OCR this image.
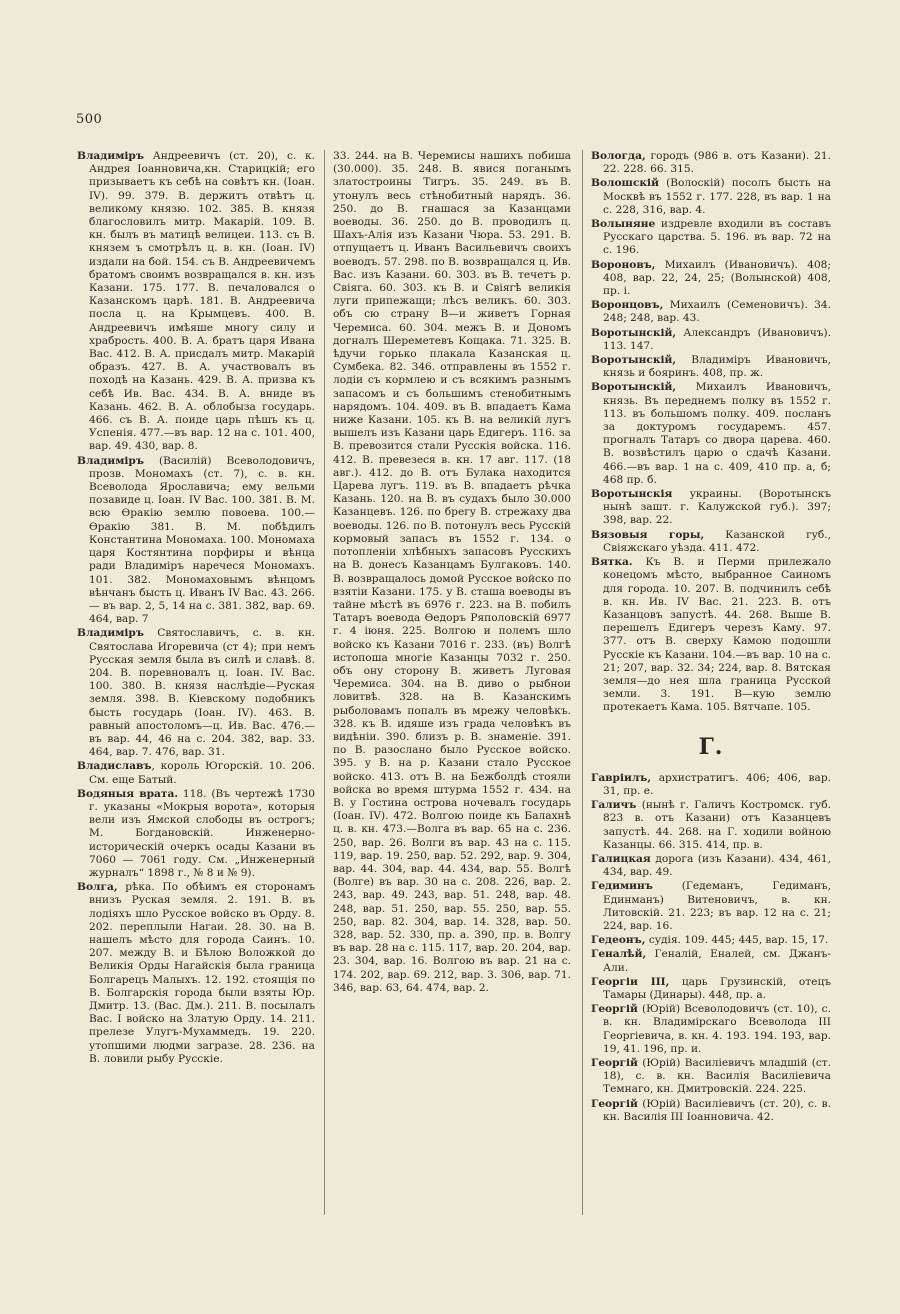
500
Владиміръ Андреевичъ (ст. 20), с. к. Андрея Іоанновича,кн. Старицкій; его призываетъ къ себѣ на совѣтъ кн. (Іоан. IV). 99. 379. В. держитъ отвѣтъ ц. великому князю. 102. 385. В. князя благословилъ митр. Макарій. 109. В. кн. былъ въ матицѣ велицеи. 113. съ В. князем ъ смотрѣлъ ц. в. кн. (Іоан. IV) издали на бой. 154. съ В. Андреевичемъ братомъ своимъ возвращался в. кн. изъ Казани. 175. 177. В. печаловался о Казанскомъ царѣ. 181. В. Андреевича посла ц. на Крымцевъ. 400. В. Андреевичъ имѣяше многу силу и храбрость. 400. В. А. братъ царя Ивана Вас. 412. В. А. присдалъ митр. Макарій образъ. 427. В. А. участвовалъ въ походѣ на Казань. 429. В. А. призва къ себѣ Ив. Вас. 434. В. А. вниде въ Казань. 462. В. А. облобыза государь. 466. съ В. А. поиде царь пѣшъ къ ц. Успенія. 477.—въ вар. 12 на с. 101. 400, вар. 49. 430, вар. 8.
Владиміръ (Василій) Всеволодовичъ, прозв. Мономахъ (ст. 7), с. в. кн. Всеволода Ярославича; ему вельми позавиде ц. Іоан. IV Вас. 100. 381. В. М. всю Ѳракію землю повоева. 100.—Ѳракію 381. В. М. побѣдилъ Константина Мономаха. 100. Мономаха царя Костянтина порфиры и вѣнца ради Владиміръ наречеся Мономахъ. 101. 382. Мономаховымъ вѣнцомъ вѣнчанъ бысть ц. Иванъ IV Вас. 43. 266. — въ вар. 2, 5, 14 на с. 381. 382, вар. 69. 464, вар. 7
Владиміръ Святославичъ, с. в. кн. Святослава Игоревича (ст 4); при немъ Русская земля была въ силѣ и славѣ. 8. 204. В. поревновалъ ц. Іоан. IV. Вас. 100. 380. В. князя наслѣдіе—Руская земля. 398. В. Кіевскому подобникъ бысть государь (Іоан. IV). 463. В. равный апостоломъ—ц. Ив. Вас. 476.—въ вар. 44, 46 на с. 204. 382, вар. 33. 464, вар. 7. 476, вар. 31.
Владиславъ, король Югорскій. 10. 206. См. еще Батый.
Водяныя врата. 118. (Въ чертежѣ 1730 г. указаны «Мокрыя ворота», которыя вели изъ Ямской слободы въ острогъ; М. Богдановскій. Инженерно-историческій очеркъ осады Казани въ 7060 — 7061 году. См. „Инженерный журналъ“ 1898 г., № 8 и № 9).
Волга, рѣка. По обѣимъ ея сторонамъ внизъ Руская земля. 2. 191. В. въ лодіяхъ шло Русское войско въ Орду. 8. 202. переплыли Нагаи. 28. 30. на В. нашелъ мѣсто для города Саинъ. 10. 207. между В. и Бѣлою Воложкой до Великія Орды Нагайскія была граница Болгарецъ Малыхъ. 12. 192. стоящія по В. Болгарскія города были взяты Юр. Дмитр. 13. (Вас. Дм.). 211. В. посылалъ Вас. I войско на Златую Орду. 14. 211. прелезе Улугъ-Мухаммедъ. 19. 220. утопшими людми загразе. 28. 236. на В. ловили рыбу Русскіе.
33. 244. на В. Черемисы нашихъ побиша (30.000). 35. 248. В. явися поганымъ златостроины Тигръ. 35. 249. въ В. утонулъ весь стѣнобитный нарядъ. 36. 250. до В. гнашася за Казанцами воеводы. 36. 250. до В. проводилъ ц. Шахъ-Алія изъ Казани Чюра. 53. 291. В. отпущаетъ ц. Иванъ Васильевичъ своихъ воеводъ. 57. 298. по В. возвращался ц. Ив. Вас. изъ Казани. 60. 303. въ В. течетъ р. Свіяга. 60. 303. къ В. и Свіягѣ великія луги припежащи; лѣсъ великъ. 60. 303. объ сю страну В—и живетъ Горная Черемиса. 60. 304. межъ В. и Дономъ догналъ Шереметевъ Кощака. 71. 325. В. ѣдучи горько плакала Казанская ц. Сумбека. 82. 346. отправлены въ 1552 г. лодіи съ кормлею и съ всякимъ разнымъ запасомъ и съ большимъ стенобитнымъ нарядомъ. 104. 409. въ В. впадаетъ Кама ниже Казани. 105. къ В. на великій лугъ вышелъ изъ Казани царь Едигеръ. 116. за В. превозится стали Русскія войска. 116. 412. В. превезеся в. кн. 17 авг. 117. (18 авг.). 412. до В. отъ Булака находится Царева лугъ. 119. въ В. впадаетъ рѣчка Казань. 120. на В. въ судахъ было 30.000 Казанцевъ. 126. по брегу В. стрежаху два воеводы. 126. по В. потонулъ весь Русскій кормовый запасъ въ 1552 г. 134. о потопленіи хлѣбныхъ запасовъ Русскихъ на В. донесъ Казанцамъ Булгаковъ. 140. В. возвращалось домой Русское войско по взятіи Казани. 175. у В. сташа воеводы въ тайне мѣстѣ въ 6976 г. 223. на В. побилъ Татаръ воевода Ѳедоръ Ряполовскій 6977 г. 4 іюня. 225. Волгою и полемъ шло войско къ Казани 7016 г. 233. (въ) Волгѣ истопоша многіе Казанцы 7032 г. 250. объ ону сторону В. живетъ Луговая Черемиса. 304. на В. диво о рыбнои ловитвѣ. 328. на В. Казанскимъ рыболовамъ попалъ въ мрежу человѣкъ. 328. къ В. идяше изъ града человѣкъ въ видѣніи. 390. близъ р. В. знаменіе. 391. по В. разослано было Русское войско. 395. у В. на р. Казани стало Русское войско. 413. отъ В. на Бежболдѣ стояли войска во время штурма 1552 г. 434. на В. у Гостина острова ночевалъ государь (Іоан. IV). 472. Волгою поиде къ Балахнѣ ц. в. кн. 473.—Волга въ вар. 65 на с. 236. 250, вар. 26. Волги въ вар. 43 на с. 115. 119, вар. 19. 250, вар. 52. 292, вар. 9. 304, вар. 44. 304, вар. 44. 434, вар. 55. Волгѣ (Волге) въ вар. 30 на с. 208. 226, вар. 2. 243, вар. 49. 243, вар. 51. 248, вар. 48. 248, вар. 51. 250, вар. 55. 250, вар. 55. 250, вар. 82. 304, вар. 14. 328, вар. 50. 328, вар. 52. 330, пр. а. 390, пр. в. Волгу въ вар. 28 на с. 115. 117, вар. 20. 204, вар. 23. 304, вар. 16. Волгою въ вар. 21 на с. 174. 202, вар. 69. 212, вар. 3. 306, вар. 71. 346, вар. 63, 64. 474, вар. 2.
Вологда, городъ (986 в. отъ Казани). 21. 22. 228. 66. 315.
Волошскій (Волоскій) посолъ бысть на Москвѣ въ 1552 г. 177. 228, въ вар. 1 на с. 228, 316, вар. 4.
Волыняне издревле входили въ составъ Русскаго царства. 5. 196. въ вар. 72 на с. 196.
Вороновъ, Михаилъ (Ивановичъ). 408; 408, вар. 22, 24, 25; (Волынской) 408, пр. і.
Воронцовъ, Михаилъ (Семеновичъ). 34. 248; 248, вар. 43.
Воротынскій, Александръ (Ивановичъ). 113. 147.
Воротынскій, Владиміръ Ивановичъ, князь и бояринъ. 408, пр. ж.
Воротынскій, Михаилъ Ивановичъ, князь. Въ переднемъ полку въ 1552 г. 113. въ большомъ полку. 409. посланъ за доктуромъ государемъ. 457. прогналъ Татаръ со двора царева. 460. В. возвѣстилъ царю о сдачѣ Казани. 466.—въ вар. 1 на с. 409, 410 пр. а, б; 468 пр. б.
Воротынскія украины. (Воротынскъ нынѣ зашт. г. Калужской губ.). 397; 398, вар. 22.
Вязовыя горы, Казанской губ., Свіяжскаго уѣзда. 411. 472.
Вятка. Къ В. и Перми прилежало конецомъ мѣсто, выбранное Саиномъ для города. 10. 207. В. подчинилъ себѣ в. кн. Ив. IV Вас. 21. 223. В. отъ Казанцовъ запустѣ. 44. 268. Выше В. перешелъ Едигеръ черезъ Каму. 97. 377. отъ В. сверху Камою подошли Русскіе къ Казани. 104.—въ вар. 10 на с. 21; 207, вар. 32. 34; 224, вар. 8. Вятская земля—до нея шла граница Русской земли. 3. 191. В—кую землю протекаетъ Кама. 105. Вятчапе. 105.
Г.
Гавріилъ, архистратигъ. 406; 406, вар. 31, пр. е.
Галичъ (нынѣ г. Галичъ Костромск. губ. 823 в. отъ Казани) отъ Казанцевъ запустѣ. 44. 268. на Г. ходили войною Казанцы. 66. 315. 414, пр. в.
Галицкая дорога (изъ Казани). 434, 461, 434, вар. 49.
Гедиминъ (Гедеманъ, Гедиманъ, Единманъ) Витеновичъ, в. кн. Литовскій. 21. 223; въ вар. 12 на с. 21; 224, вар. 16.
Гедеонъ, судія. 109. 445; 445, вар. 15, 17.
Геналѣй, Геналій, Еналей, см. Джанъ-Али.
Георгіи III, царь Грузинскій, отецъ Тамары (Динары). 448, пр. а.
Георгій (Юрій) Всеволодовичъ (ст. 10), с. в. кн. Владимірскаго Всеволода III Георгіевича, в. кн. 4. 193. 194. 193, вар. 19, 41. 196, пр. и.
Георгій (Юрій) Василіевичъ младшій (ст. 18), с. в. кн. Василія Василіевича Темнаго, кн. Дмитровскій. 224. 225.
Георгій (Юрій) Василіевичъ (ст. 20), с. в. кн. Василія III Іоанновича. 42.
